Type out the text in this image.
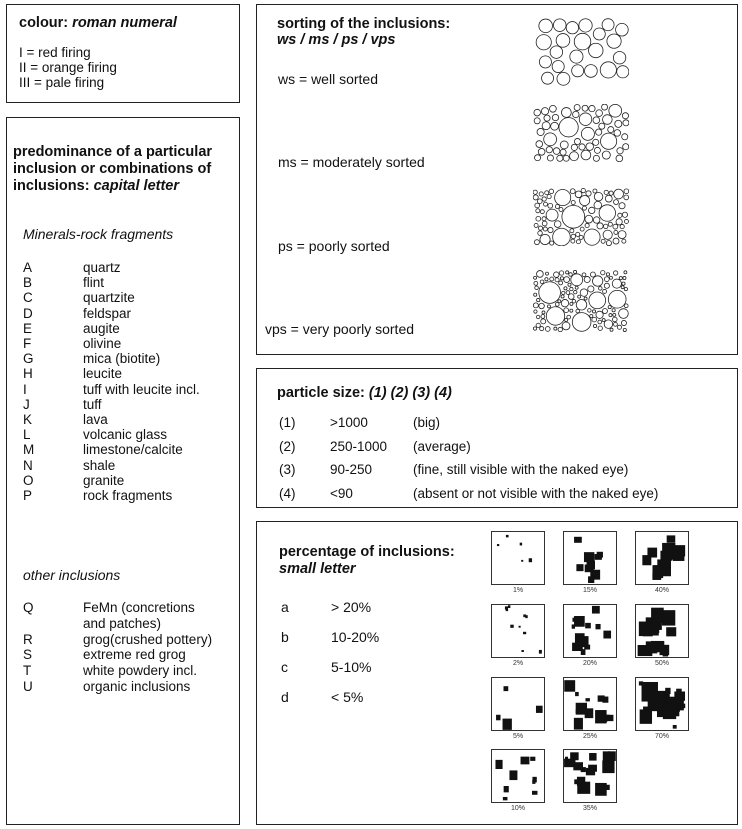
colour: roman numeral
I = red firing
II = orange firing
III = pale firing
predominance of a particular
inclusion or combinations of
inclusions: capital letter
Minerals-rock fragments
A	quartz
B	flint
C	quartzite
D	feldspar
E	augite
F	olivine
G	mica (biotite)
H	leucite
I	tuff with leucite incl.
J	tuff
K	lava
L	volcanic glass
M	limestone/calcite
N	shale
O	granite
P	rock fragments
other inclusions
Q	FeMn (concretions
and patches)
R	grog(crushed pottery)
S	extreme red grog
T	white powdery incl.
U	organic inclusions
sorting of the inclusions:
ws / ms / ps / vps
ws = well sorted
ms = moderately sorted
ps = poorly sorted
vps = very poorly sorted
particle size: (1) (2) (3) (4)
(1)	>1000	(big)
(2)	250-1000 (average)
(3)	90-250	(fine, still visible with the naked eye)
(4)	<90	(absent or not visible with the naked eye)
percentage of inclusions:
small letter
a	> 20%
b	10-20%
c	5-10%
d	< 5%
1%	15%	40%
2%	20%	50%
5%	25%	70%
10%	35%
